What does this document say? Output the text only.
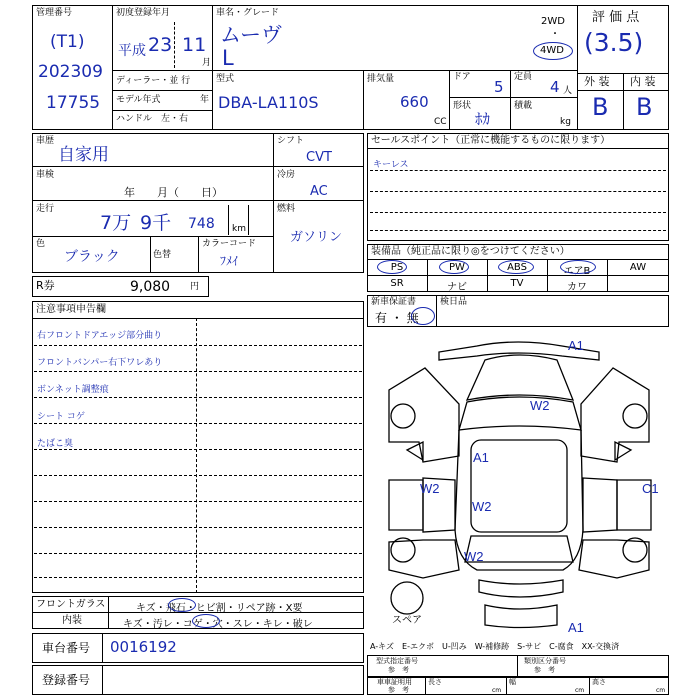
管理番号
(T1)
202309
17755
初度登録年月
平成 23 11
月
車名・グレード
ムーヴ
L
2WD
・
4WD
ディーラー・並 行
モデル年式	年
ハンドル　左・右
型式
DBA-LA110S
排気量
660
CC
ドア
5
定員
4 人
形状
ﾎｶ
積載
kg
評 価 点
(3.5)
外 装 内 装
B B
車歴
自家用
車検
年　　月（　　日）
走行
7万 9千 748 km
色
ブラック	色替
カラーコード
ﾌﾒｲ
シフト
CVT
冷房
AC
燃料
ガソリン
R券	9,080 円
セールスポイント（正常に機能するものに限ります）
キーレス
装備品（純正品に限り◎をつけてください）
PS	PW	ABS	エアB	AW
SR	ナビ	TV	カワ
新車保証書
有 ・ 無
検日品
注意事項申告欄
右フロントドアエッジ部分曲り
フロントバンパー右下ワレあり
ボンネット調整痕
シート コゲ
たばこ臭
A1
W2
A1
W2
W2
C1
W2
A1
スペア
フロントガラス	キズ・飛石・ヒビ割・リペア跡・X要
内装	キズ・汚レ・コゲ・穴・スレ・キレ・破レ
A-キズ　E-エクボ　U-凹み　W-補修跡　S-サビ　C-腐食　XX-交換済
車台番号 0016192
登録番号
型式指定番号
参　考
類別区分番号
参　考
車車証明用
参　考
長さ
cm
幅
cm
高さ
cm
